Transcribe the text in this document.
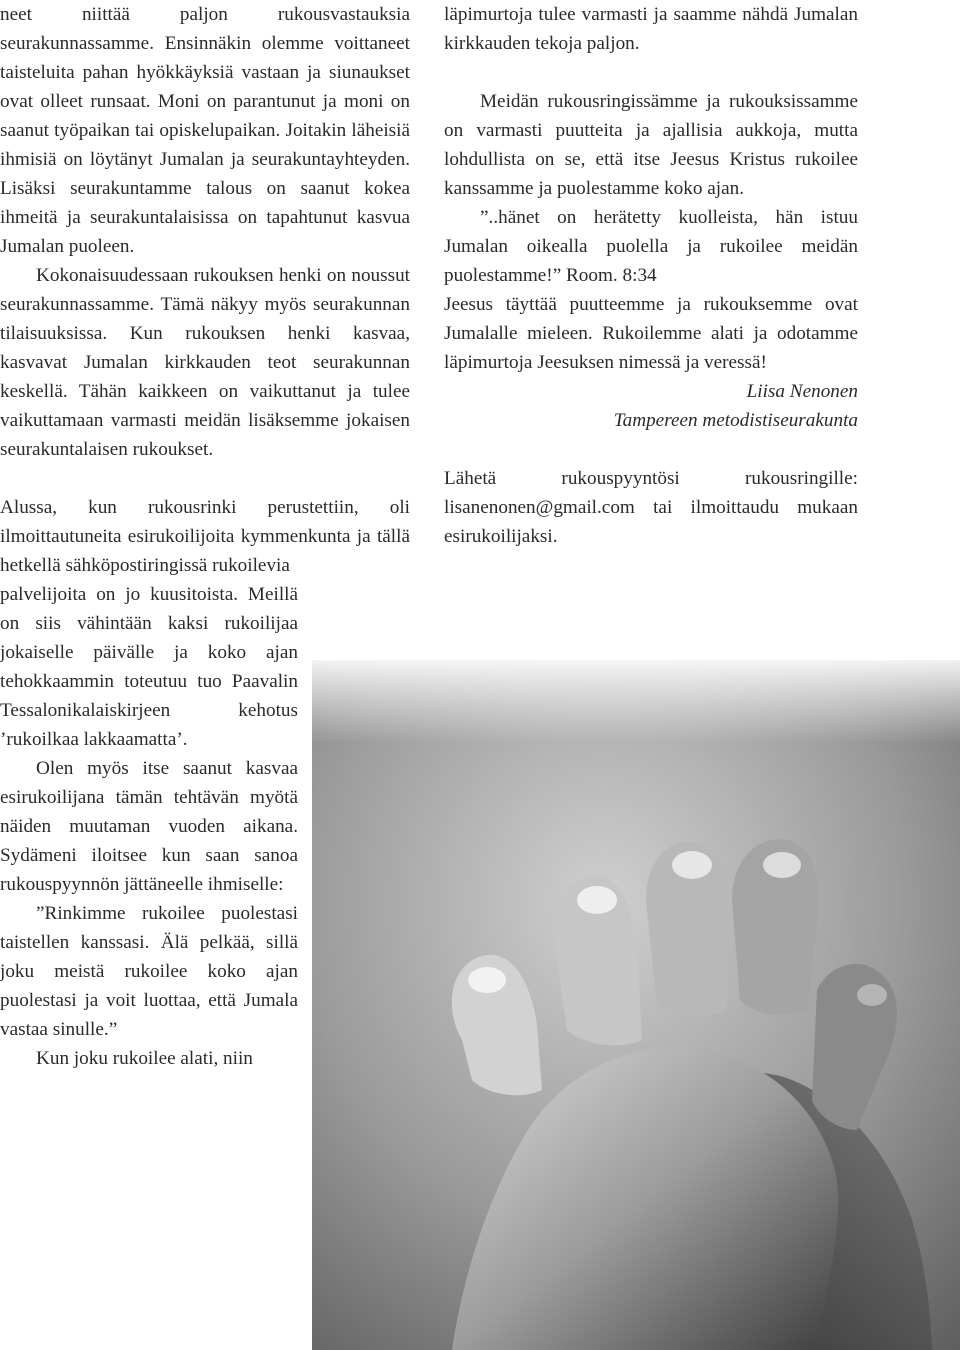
neet niittää paljon rukousvastauksia seurakunnassamme. Ensinnäkin olemme voittaneet taisteluita pahan hyökkäyksiä vastaan ja siunaukset ovat olleet runsaat. Moni on parantunut ja moni on saanut työpaikan tai opiskelupaikan. Joitakin läheisiä ihmisiä on löytänyt Jumalan ja seurakuntayhteyden. Lisäksi seurakuntamme talous on saanut kokea ihmeitä ja seurakuntalaisissa on tapahtunut kasvua Jumalan puoleen.

Kokonaisuudessaan rukouksen henki on noussut seurakunnassamme. Tämä näkyy myös seurakunnan tilaisuuksissa. Kun rukouksen henki kasvaa, kasvavat Jumalan kirkkauden teot seurakunnan keskellä. Tähän kaikkeen on vaikuttanut ja tulee vaikuttamaan varmasti meidän lisäksemme jokaisen seurakuntalaisen rukoukset.

Alussa, kun rukousrinki perustettiin, oli ilmoittautuneita esirukoilijoita kymmenkunta ja tällä hetkellä sähköpostiringissä rukoilevia

palvelijoita on jo kuusitoista. Meillä on siis vähintään kaksi rukoilijaa jokaiselle päivälle ja koko ajan tehokkaammin toteutuu tuo Paavalin Tessalonikalaiskirjeen kehotus ’rukoilkaa lakkaamatta’.

Olen myös itse saanut kasvaa esirukoilijana tämän tehtävän myötä näiden muutaman vuoden aikana. Sydämeni iloitsee kun saan sanoa rukouspyynnön jättäneelle ihmiselle:

”Rinkimme rukoilee puolestasi taistellen kanssasi. Älä pelkää, sillä joku meistä rukoilee koko ajan puolestasi ja voit luottaa, että Jumala vastaa sinulle.”

Kun joku rukoilee alati, niin

läpimurtoja tulee varmasti ja saamme nähdä Jumalan kirkkauden tekoja paljon.

Meidän rukousringissämme ja rukouksissamme on varmasti puutteita ja ajallisia aukkoja, mutta lohdullista on se, että itse Jeesus Kristus rukoilee kanssamme ja puolestamme koko ajan.

”..hänet on herätetty kuolleista, hän istuu Jumalan oikealla puolella ja rukoilee meidän puolestamme!” Room. 8:34

Jeesus täyttää puutteemme ja rukouksemme ovat Jumalalle mieleen. Rukoilemme alati ja odotamme läpimurtoja Jeesuksen nimessä ja veressä!

Liisa Nenonen

Tampereen metodistiseurakunta

Lähetä rukouspyyntösi rukousringille: lisanenonen@gmail.com tai ilmoittaudu mukaan esirukoilijaksi.
